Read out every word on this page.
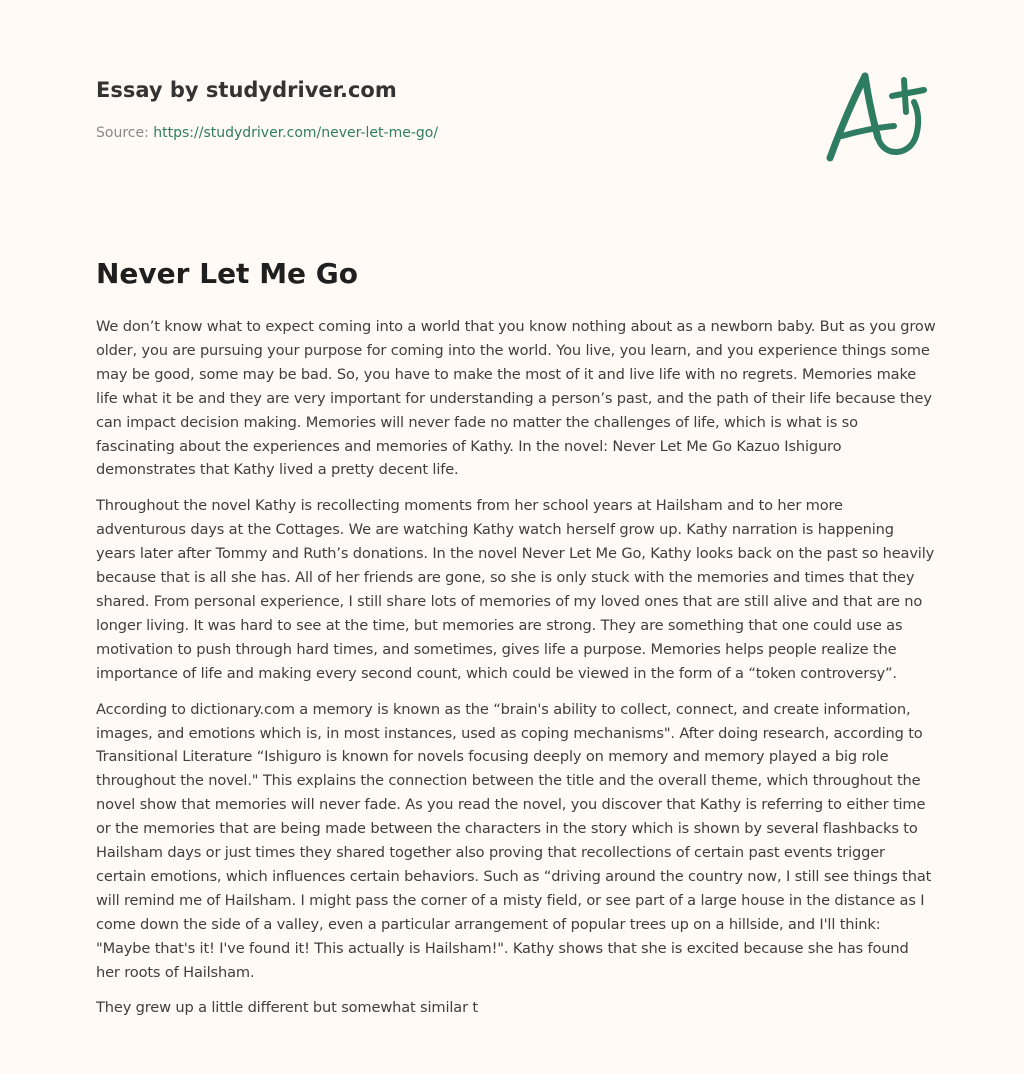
Essay by studydriver.com
Source: https://studydriver.com/never-let-me-go/
Never Let Me Go

We don’t know what to expect coming into a world that you know nothing about as a newborn baby. But as you grow older, you are pursuing your purpose for coming into the world. You live, you learn, and you experience things some may be good, some may be bad. So, you have to make the most of it and live life with no regrets. Memories make life what it be and they are very important for understanding a person’s past, and the path of their life because they can impact decision making. Memories will never fade no matter the challenges of life, which is what is so fascinating about the experiences and memories of Kathy. In the novel: Never Let Me Go Kazuo Ishiguro demonstrates that Kathy lived a pretty decent life.

Throughout the novel Kathy is recollecting moments from her school years at Hailsham and to her more adventurous days at the Cottages. We are watching Kathy watch herself grow up. Kathy narration is happening years later after Tommy and Ruth’s donations. In the novel Never Let Me Go, Kathy looks back on the past so heavily because that is all she has. All of her friends are gone, so she is only stuck with the memories and times that they shared. From personal experience, I still share lots of memories of my loved ones that are still alive and that are no longer living. It was hard to see at the time, but memories are strong. They are something that one could use as motivation to push through hard times, and sometimes, gives life a purpose. Memories helps people realize the importance of life and making every second count, which could be viewed in the form of a “token controversy”.

According to dictionary.com a memory is known as the “brain's ability to collect, connect, and create information, images, and emotions which is, in most instances, used as coping mechanisms". After doing research, according to Transitional Literature “Ishiguro is known for novels focusing deeply on memory and memory played a big role throughout the novel." This explains the connection between the title and the overall theme, which throughout the novel show that memories will never fade. As you read the novel, you discover that Kathy is referring to either time or the memories that are being made between the characters in the story which is shown by several flashbacks to Hailsham days or just times they shared together also proving that recollections of certain past events trigger certain emotions, which influences certain behaviors. Such as “driving around the country now, I still see things that will remind me of Hailsham. I might pass the corner of a misty field, or see part of a large house in the distance as I come down the side of a valley, even a particular arrangement of popular trees up on a hillside, and I'll think: "Maybe that's it! I've found it! This actually is Hailsham!". Kathy shows that she is excited because she has found her roots of Hailsham.

They grew up a little different but somewhat similar t
